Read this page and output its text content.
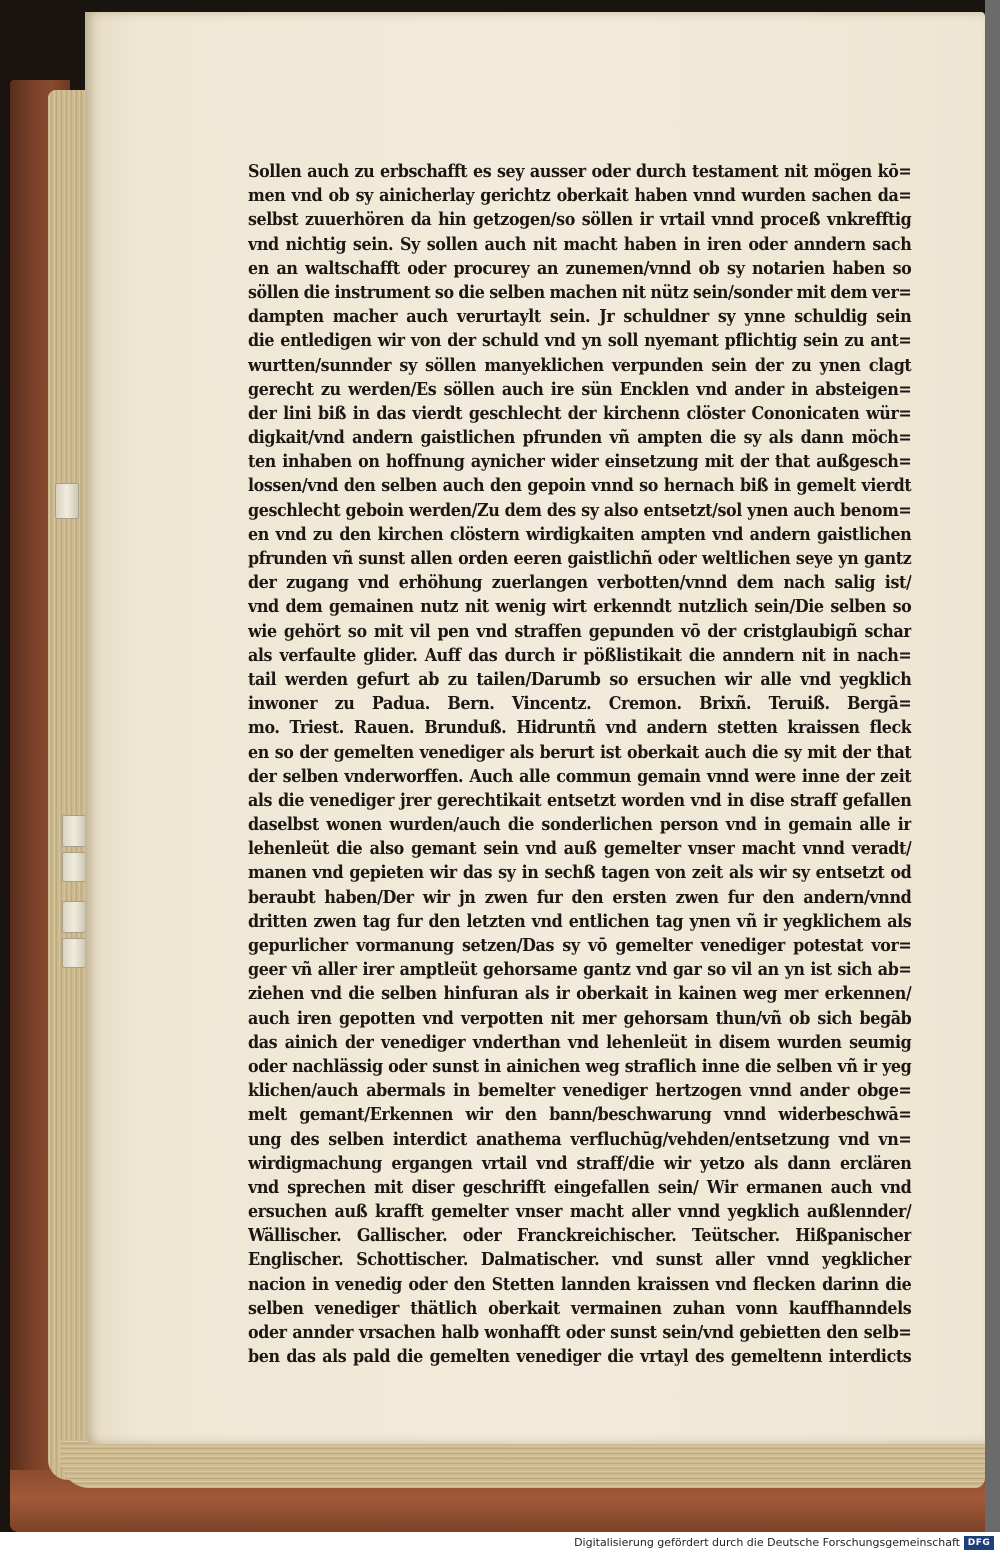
Sollen auch zu erbschafft es sey ausser oder durch testament nit mögen kō=
men vnd ob sy ainicherlay gerichtz oberkait haben vnnd wurden sachen da=
selbst zuuerhören da hin getzogen/so söllen ir vrtail vnnd proceß vnkrefftig
vnd nichtig sein. Sy sollen auch nit macht haben in iren oder anndern sach
en an waltschafft oder procurey an zunemen/vnnd ob sy notarien haben so
söllen die instrument so die selben machen nit nütz sein/sonder mit dem ver=
dampten macher auch verurtaylt sein. Jr schuldner sy ynne schuldig sein
die entledigen wir von der schuld vnd yn soll nyemant pflichtig sein zu ant=
wurtten/sunnder sy söllen manyeklichen verpunden sein der zu ynen clagt
gerecht zu werden/Es söllen auch ire sün Encklen vnd ander in absteigen=
der lini biß in das vierdt geschlecht der kirchenn clöster Cononicaten wür=
digkait/vnd andern gaistlichen pfrunden vñ ampten die sy als dann möch=
ten inhaben on hoffnung aynicher wider einsetzung mit der that außgesch=
lossen/vnd den selben auch den gepoin vnnd so hernach biß in gemelt vierdt
geschlecht geboin werden/Zu dem des sy also entsetzt/sol ynen auch benom=
en vnd zu den kirchen clöstern wirdigkaiten ampten vnd andern gaistlichen
pfrunden vñ sunst allen orden eeren gaistlichñ oder weltlichen seye yn gantz
der zugang vnd erhöhung zuerlangen verbotten/vnnd dem nach salig ist/
vnd dem gemainen nutz nit wenig wirt erkenndt nutzlich sein/Die selben so
wie gehört so mit vil pen vnd straffen gepunden vō der cristglaubigñ schar
als verfaulte glider. Auff das durch ir pößlistikait die anndern nit in nach=
tail werden gefurt ab zu tailen/Darumb so ersuchen wir alle vnd yegklich
inwoner zu Padua. Bern. Vincentz. Cremon. Brixñ. Teruiß. Bergā=
mo. Triest. Rauen. Brunduß. Hidruntñ vnd andern stetten kraissen fleck
en so der gemelten venediger als berurt ist oberkait auch die sy mit der that
der selben vnderworffen. Auch alle commun gemain vnnd were inne der zeit
als die venediger jrer gerechtikait entsetzt worden vnd in dise straff gefallen
daselbst wonen wurden/auch die sonderlichen person vnd in gemain alle ir
lehenleüt die also gemant sein vnd auß gemelter vnser macht vnnd veradt/
manen vnd gepieten wir das sy in sechß tagen von zeit als wir sy entsetzt od
beraubt haben/Der wir jn zwen fur den ersten zwen fur den andern/vnnd
dritten zwen tag fur den letzten vnd entlichen tag ynen vñ ir yegklichem als
gepurlicher vormanung setzen/Das sy vō gemelter venediger potestat vor=
geer vñ aller irer amptleüt gehorsame gantz vnd gar so vil an yn ist sich ab=
ziehen vnd die selben hinfuran als ir oberkait in kainen weg mer erkennen/
auch iren gepotten vnd verpotten nit mer gehorsam thun/vñ ob sich begāb
das ainich der venediger vnderthan vnd lehenleüt in disem wurden seumig
oder nachlässig oder sunst in ainichen weg straflich inne die selben vñ ir yeg
klichen/auch abermals in bemelter venediger hertzogen vnnd ander obge=
melt gemant/Erkennen wir den bann/beschwarung vnnd widerbeschwā=
ung des selben interdict anathema verfluchūg/vehden/entsetzung vnd vn=
wirdigmachung ergangen vrtail vnd straff/die wir yetzo als dann erclären
vnd sprechen mit diser geschrifft eingefallen sein/ Wir ermanen auch vnd
ersuchen auß krafft gemelter vnser macht aller vnnd yegklich außlennder/
Wällischer. Gallischer. oder Franckreichischer. Teütscher. Hißpanischer
Englischer. Schottischer. Dalmatischer. vnd sunst aller vnnd yegklicher
nacion in venedig oder den Stetten lannden kraissen vnd flecken darinn die
selben venediger thätlich oberkait vermainen zuhan vonn kauffhanndels
oder annder vrsachen halb wonhafft oder sunst sein/vnd gebietten den selb=
ben das als pald die gemelten venediger die vrtayl des gemeltenn interdicts
Digitalisierung gefördert durch die Deutsche Forschungsgemeinschaft DFG
